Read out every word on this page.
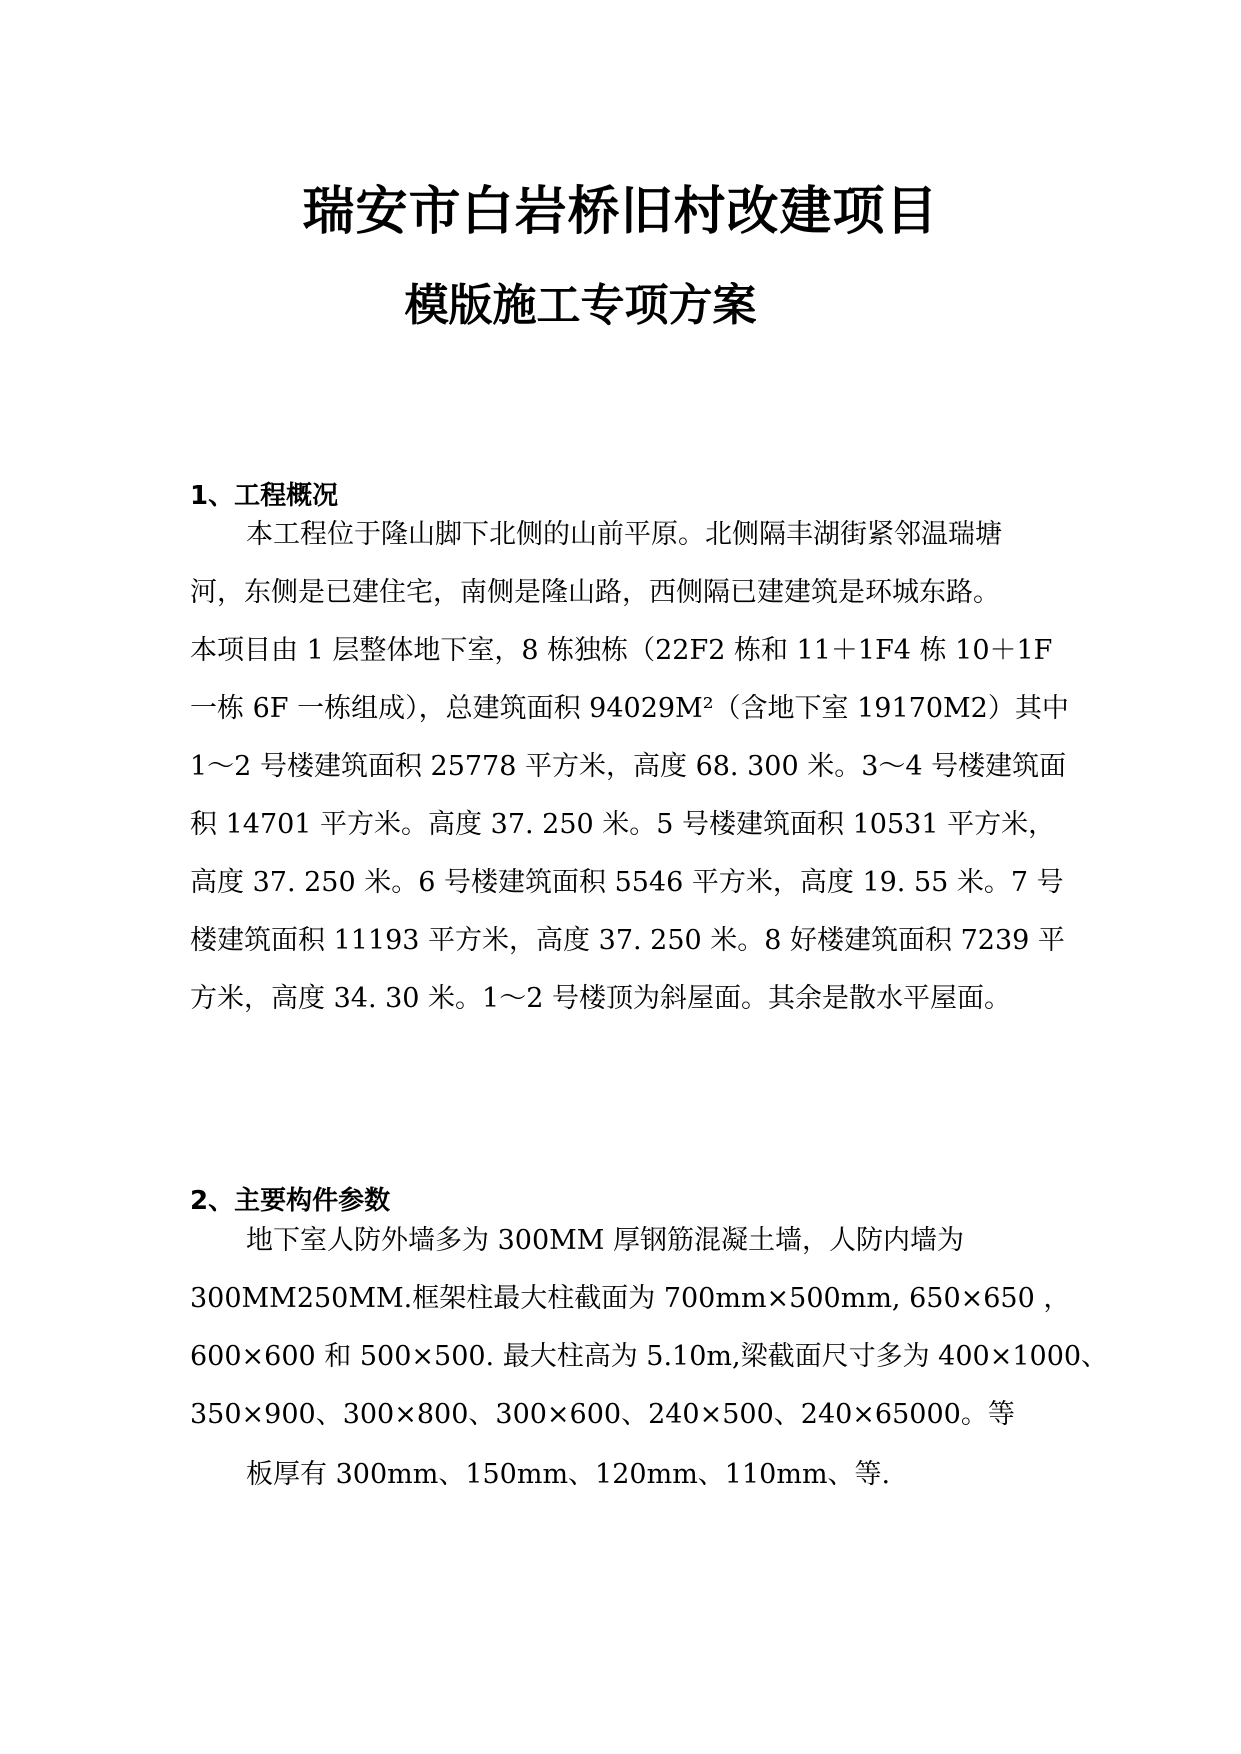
瑞安市白岩桥旧村改建项目
模版施工专项方案
1、工程概况

本工程位于隆山脚下北侧的山前平原。北侧隔丰湖街紧邻温瑞塘

河，东侧是已建住宅，南侧是隆山路，西侧隔已建建筑是环城东路。

本项目由 1 层整体地下室，8 栋独栋（22F2 栋和 11＋1F4 栋 10＋1F

一栋 6F 一栋组成），总建筑面积 94029M²（含地下室 19170M2）其中

1～2 号楼建筑面积 25778 平方米，高度 68. 300 米。3～4 号楼建筑面

积 14701 平方米。高度 37. 250 米。5 号楼建筑面积 10531 平方米，

高度 37. 250 米。6 号楼建筑面积 5546 平方米，高度 19. 55 米。7 号

楼建筑面积 11193 平方米，高度 37. 250 米。8 好楼建筑面积 7239 平

方米，高度 34. 30 米。1～2 号楼顶为斜屋面。其余是散水平屋面。

2、主要构件参数

地下室人防外墙多为 300MM 厚钢筋混凝土墙，人防内墙为

300MM250MM.框架柱最大柱截面为 700mm×500mm, 650×650 ，

600×600 和 500×500. 最大柱高为 5.10m,梁截面尺寸多为 400×1000、

350×900、300×800、300×600、240×500、240×65000。等

板厚有 300mm、150mm、120mm、110mm、等.
